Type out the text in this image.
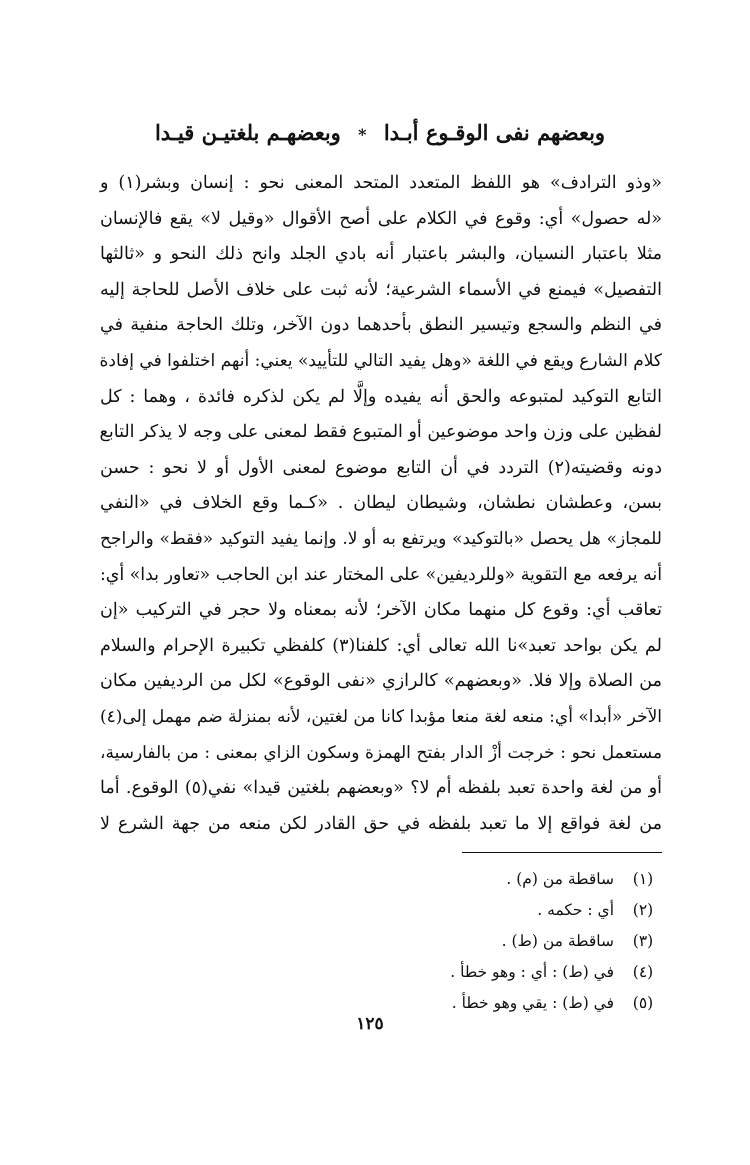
وبعضهم نفى الوقـوع أبـدا * وبعضهـم بلغتيـن قيـدا
«وذو الترادف» هو اللفظ المتعدد المتحد المعنى نحو : إنسان وبشر(١) و
«له حصول» أي: وقوع في الكلام على أصح الأقوال «وقيل لا» يقع فالإنسان
مثلا باعتبار النسيان، والبشر باعتبار أنه بادي الجلد وانح ذلك النحو و «ثالثها
التفصيل» فيمنع في الأسماء الشرعية؛ لأنه ثبت على خلاف الأصل للحاجة إليه
في النظم والسجع وتيسير النطق بأحدهما دون الآخر، وتلك الحاجة منفية في
كلام الشارع ويقع في اللغة «وهل يفيد التالي للتأييد» يعني: أنهم اختلفوا في إفادة
التابع التوكيد لمتبوعه والحق أنه يفيده وإلَّا لم يكن لذكره فائدة ، وهما : كل
لفظين على وزن واحد موضوعين أو المتبوع فقط لمعنى على وجه لا يذكر التابع
دونه وقضيته(٢) التردد في أن التابع موضوع لمعنى الأول أو لا نحو : حسن
بسن، وعطشان نطشان، وشيطان ليطان . «كـما وقع الخلاف في «النفي
للمجاز» هل يحصل «بالتوكيد» ويرتفع به أو لا. وإنما يفيد التوكيد «فقط» والراجح
أنه يرفعه مع التقوية «وللرديفين» على المختار عند ابن الحاجب «تعاور بدا» أي:
تعاقب أي: وقوع كل منهما مكان الآخر؛ لأنه بمعناه ولا حجر في التركيب «إن
لم يكن بواحد تعبد»نا الله تعالى أي: كلفنا(٣) كلفظي تكبيرة الإحرام والسلام
من الصلاة وإلا فلا. «وبعضهم» كالرازي «نفى الوقوع» لكل من الرديفين مكان
الآخر «أبدا» أي: منعه لغة منعا مؤبدا كانا من لغتين، لأنه بمنزلة ضم مهمل إلى(٤)
مستعمل نحو : خرجت أزْ الدار بفتح الهمزة وسكون الزاي بمعنى : من بالفارسية،
أو من لغة واحدة تعبد بلفظه أم لا؟ «وبعضهم بلغتين قيدا» نفي(٥) الوقوع. أما
من لغة فواقع إلا ما تعبد بلفظه في حق القادر لكن منعه من جهة الشرع لا
(١)
ساقطة من (م) .
(٢)
أي : حكمه .
(٣)
ساقطة من (ط) .
(٤)
في (ط) : أي : وهو خطأ .
(٥)
في (ط) : يقي وهو خطأ .
١٢٥
